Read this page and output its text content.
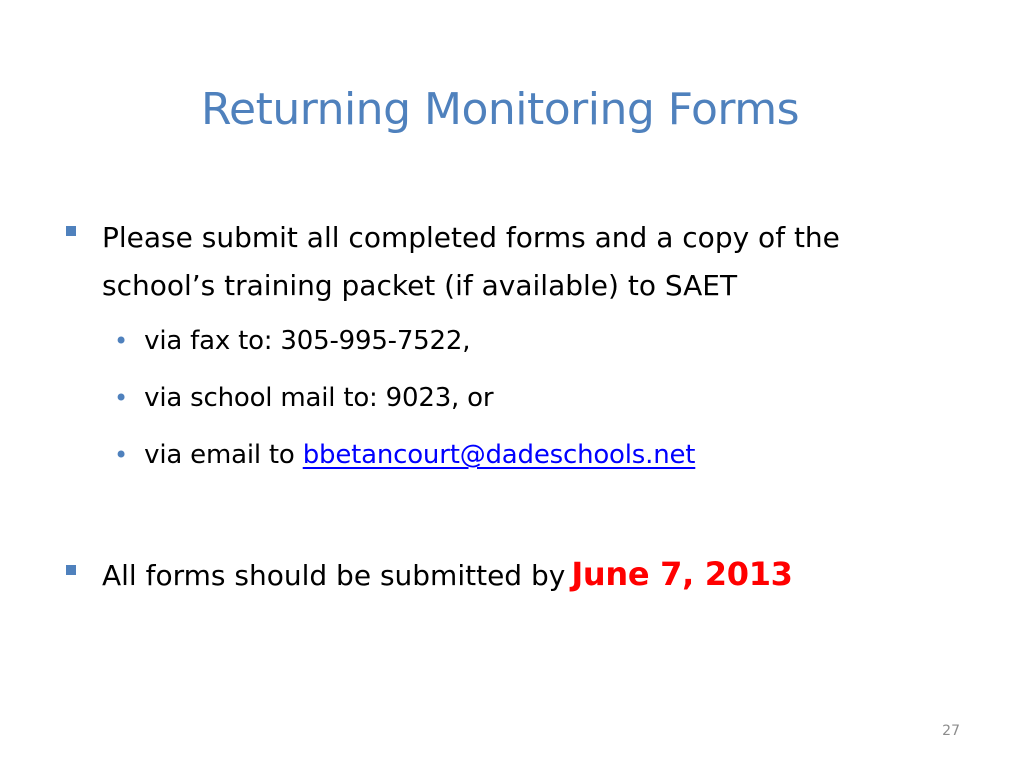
Returning Monitoring Forms
Please submit all completed forms and a copy of the school’s training packet (if available) to SAET
• via fax to: 305-995-7522,
• via school mail to: 9023, or
• via email to bbetancourt@dadeschools.net
All forms should be submitted by June 7, 2013
27
